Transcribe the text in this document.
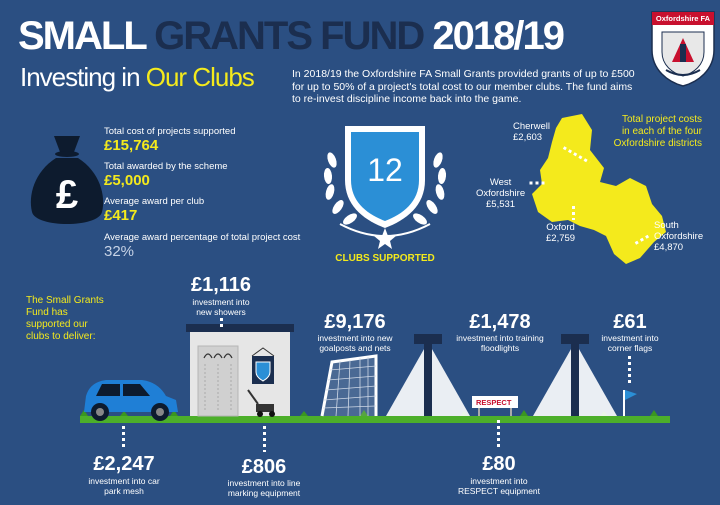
SMALL GRANTS FUND 2018/19
Investing in Our Clubs	In 2018/19 the Oxfordshire FA Small Grants provided grants of up to £500 for up to 50% of a project's total cost to our member clubs. The fund aims to re-invest discipline income back into the game.
Oxfordshire FA
£
Total cost of projects supported
£15,764
Total awarded by the scheme
£5,000
Average award per club
£417
Average award percentage of total project cost
32%
12
CLUBS SUPPORTED
Total project costs in each of the four Oxfordshire districts
Cherwell
£2,603
West
Oxfordshire
£5,531
Oxford
£2,759
South
Oxfordshire
£4,870
The Small Grants Fund has supported our clubs to deliver:
RESPECT
£1,116
investment into new showers	£9,176
investment into new goalposts and nets
£1,478
investment into training floodlights
£61
investment into corner flags
£2,247
investment into car park mesh
£806
investment into line marking equipment
£80
investment into RESPECT equipment
